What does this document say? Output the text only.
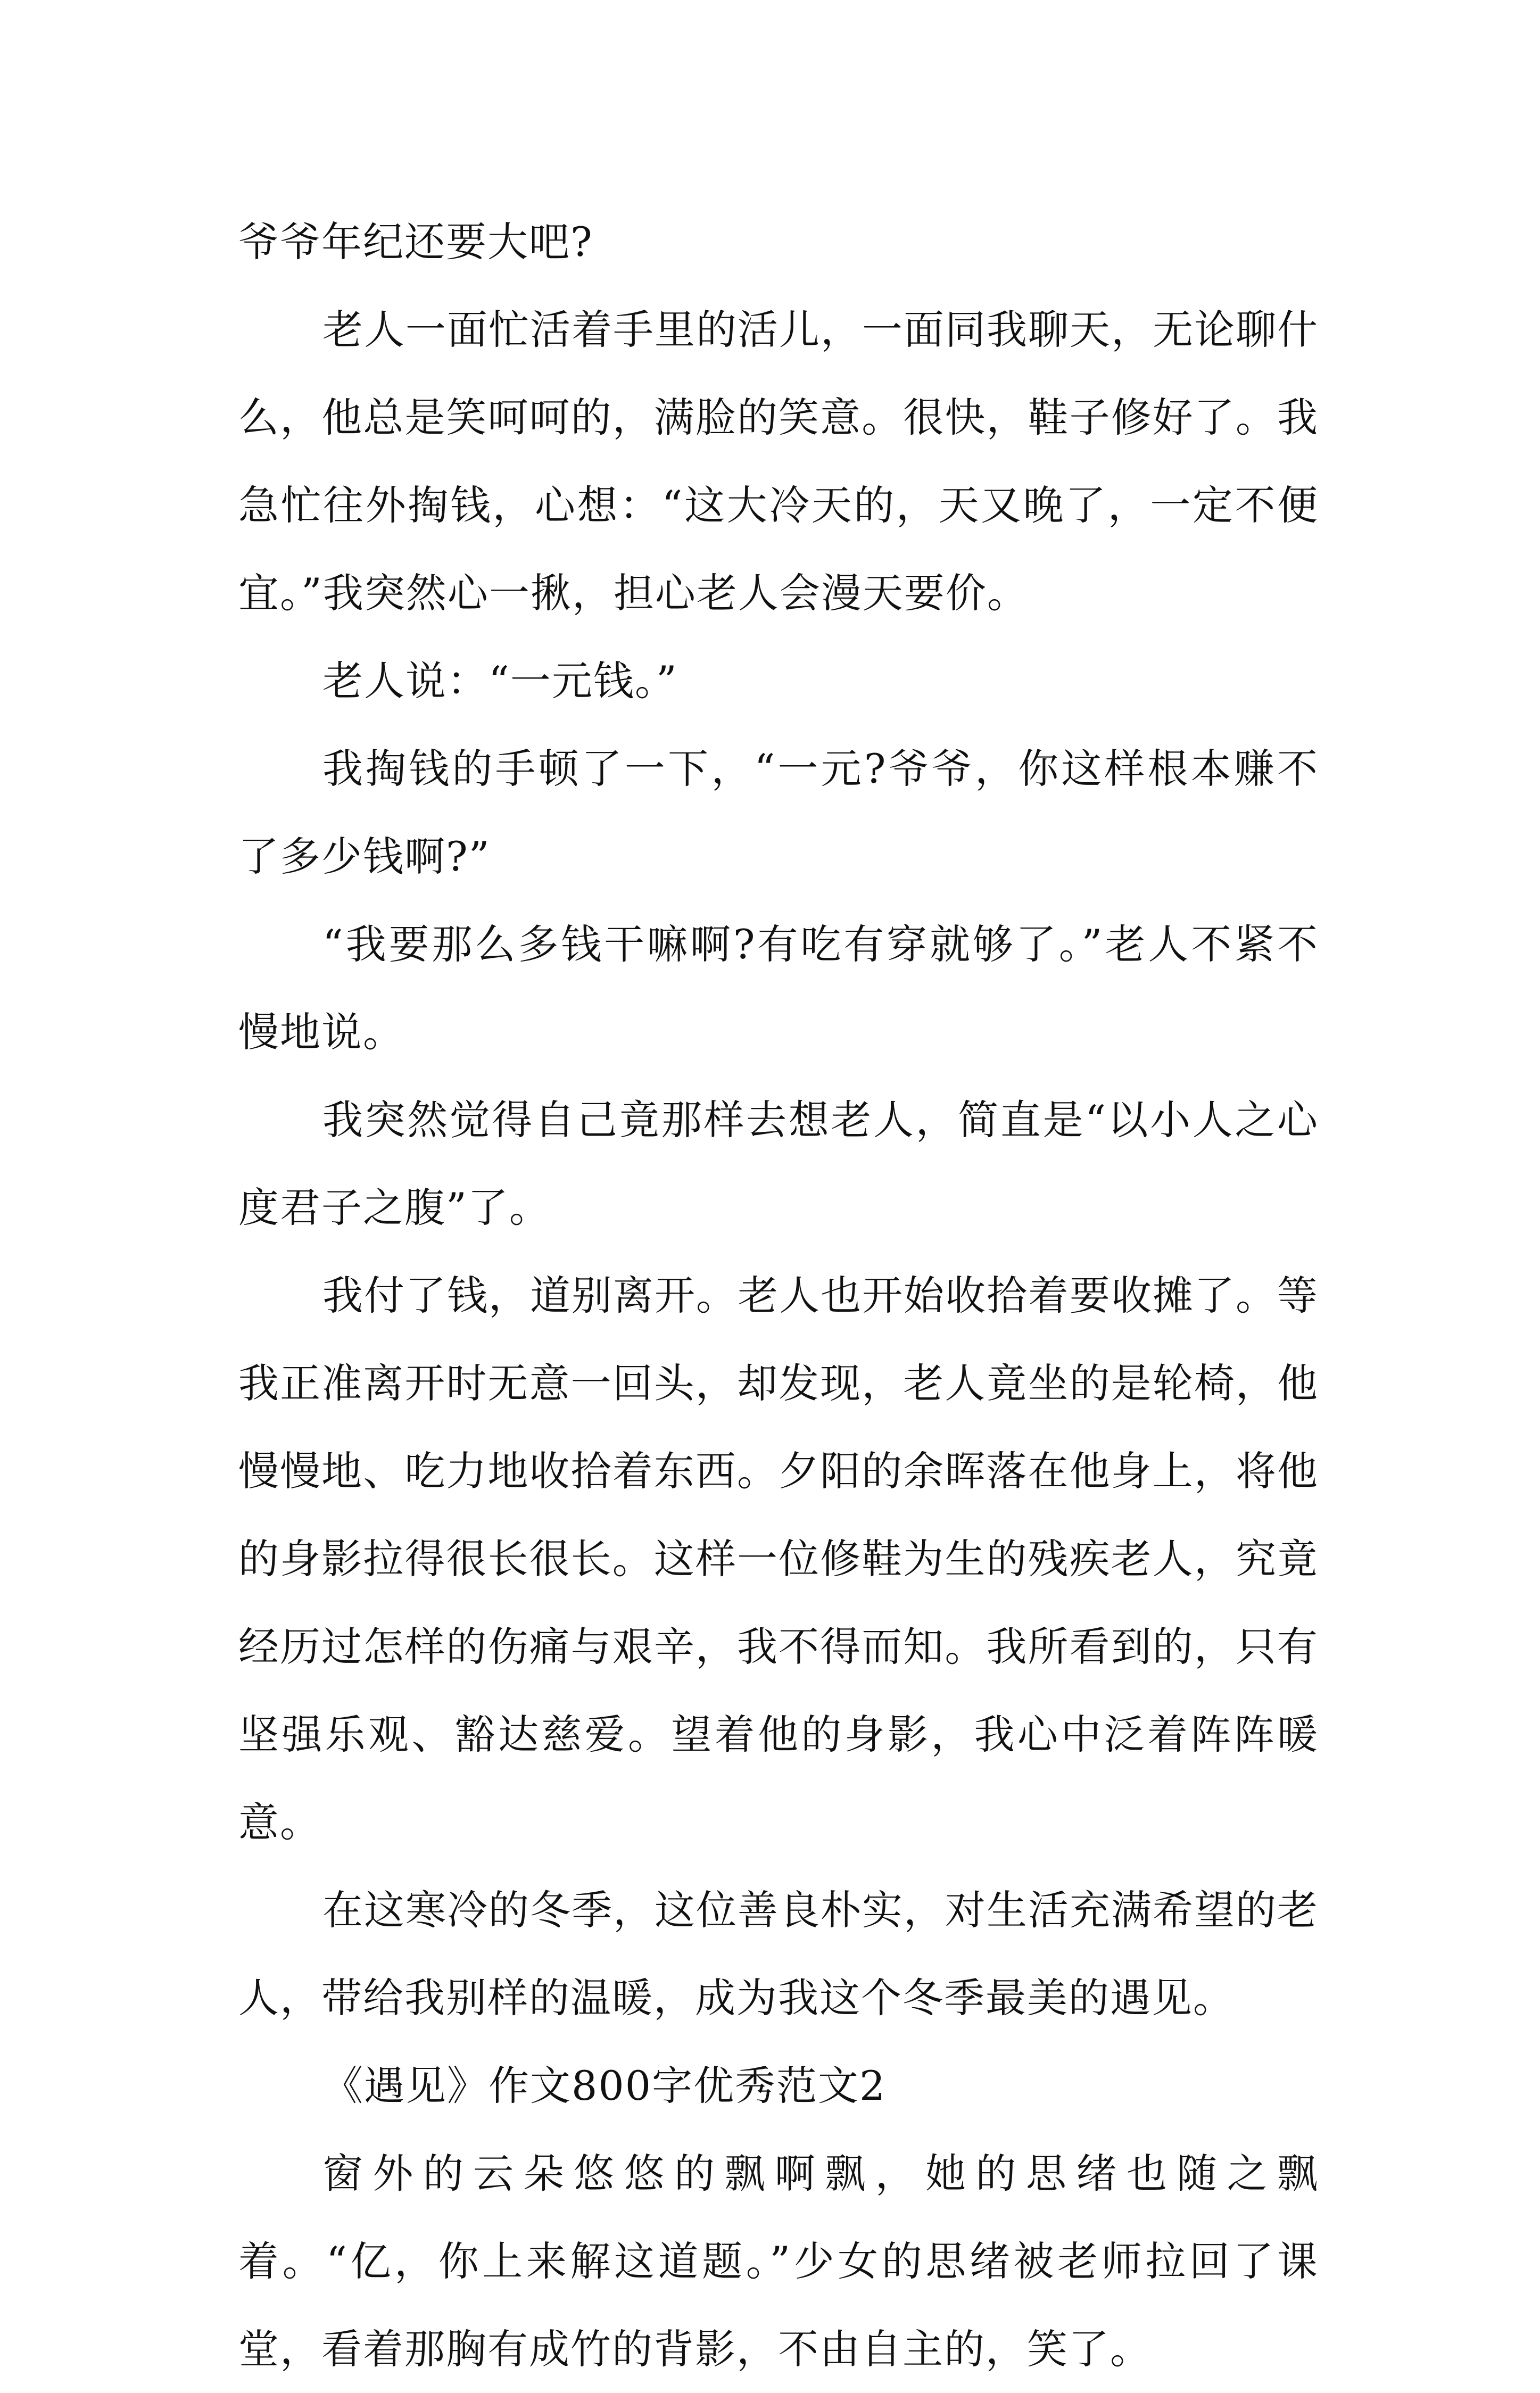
爷爷年纪还要大吧?

老人一面忙活着手里的活儿，一面同我聊天，无论聊什么，他总是笑呵呵的，满脸的笑意。很快，鞋子修好了。我急忙往外掏钱，心想：“这大冷天的，天又晚了，一定不便宜。”我突然心一揪，担心老人会漫天要价。

老人说：“一元钱。”

我掏钱的手顿了一下，“一元?爷爷，你这样根本赚不了多少钱啊?”

“我要那么多钱干嘛啊?有吃有穿就够了。”老人不紧不慢地说。

我突然觉得自己竟那样去想老人，简直是“以小人之心度君子之腹”了。

我付了钱，道别离开。老人也开始收拾着要收摊了。等我正准离开时无意一回头，却发现，老人竟坐的是轮椅，他慢慢地、吃力地收拾着东西。夕阳的余晖落在他身上，将他的身影拉得很长很长。这样一位修鞋为生的残疾老人，究竟经历过怎样的伤痛与艰辛，我不得而知。我所看到的，只有坚强乐观、豁达慈爱。望着他的身影，我心中泛着阵阵暖意。

在这寒冷的冬季，这位善良朴实，对生活充满希望的老人，带给我别样的温暖，成为我这个冬季最美的遇见。

《遇见》作文800字优秀范文2

窗外的云朵悠悠的飘啊飘，她的思绪也随之飘着。“亿，你上来解这道题。”少女的思绪被老师拉回了课堂，看着那胸有成竹的背影，不由自主的，笑了。
